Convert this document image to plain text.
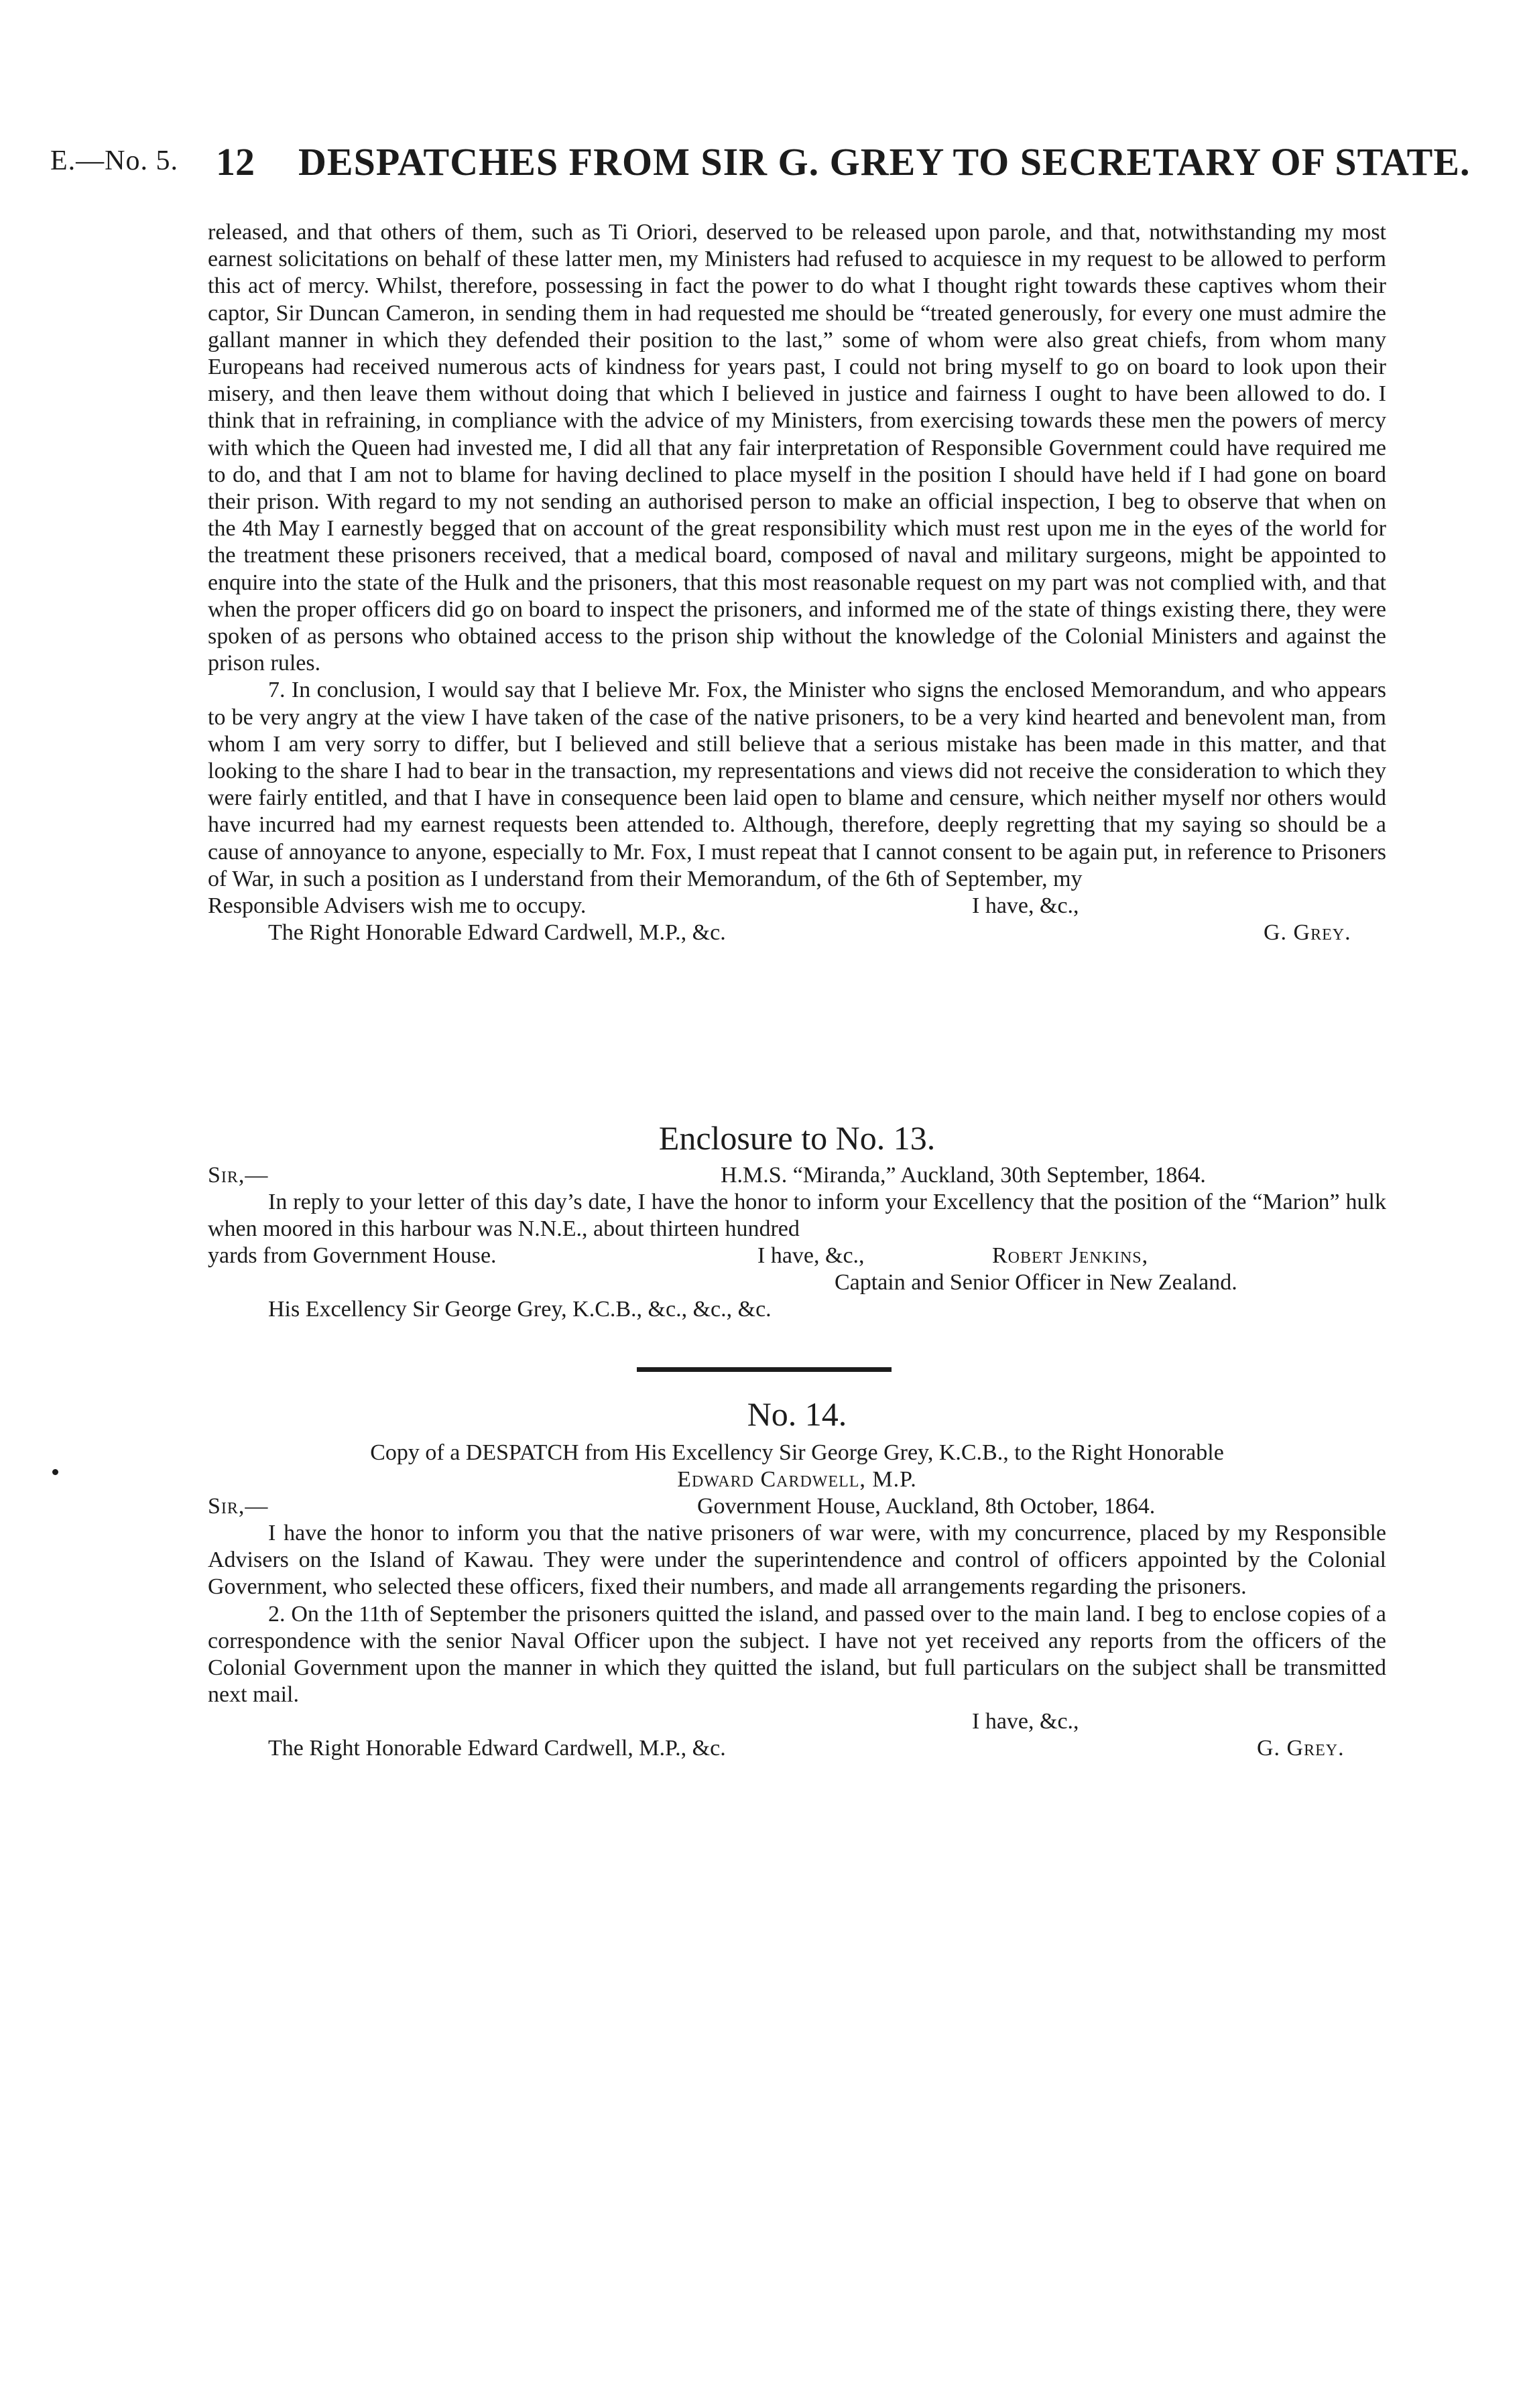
E.—No. 5. 12 DESPATCHES FROM SIR G. GREY TO SECRETARY OF STATE.

released, and that others of them, such as Ti Oriori, deserved to be released upon parole, and that, notwithstanding my most earnest solicitations on behalf of these latter men, my Ministers had refused to acquiesce in my request to be allowed to perform this act of mercy. Whilst, therefore, possessing in fact the power to do what I thought right towards these captives whom their captor, Sir Duncan Cameron, in sending them in had requested me should be “treated generously, for every one must admire the gallant manner in which they defended their position to the last,” some of whom were also great chiefs, from whom many Europeans had received numerous acts of kindness for years past, I could not bring myself to go on board to look upon their misery, and then leave them without doing that which I believed in justice and fairness I ought to have been allowed to do. I think that in refraining, in compliance with the advice of my Ministers, from exercising towards these men the powers of mercy with which the Queen had invested me, I did all that any fair interpretation of Responsible Government could have required me to do, and that I am not to blame for having declined to place myself in the position I should have held if I had gone on board their prison. With regard to my not sending an authorised person to make an official inspection, I beg to observe that when on the 4th May I earnestly begged that on account of the great responsibility which must rest upon me in the eyes of the world for the treatment these prisoners received, that a medical board, composed of naval and military surgeons, might be appointed to enquire into the state of the Hulk and the prisoners, that this most reasonable request on my part was not complied with, and that when the proper officers did go on board to inspect the prisoners, and informed me of the state of things existing there, they were spoken of as persons who obtained access to the prison ship without the knowledge of the Colonial Ministers and against the prison rules.

7. In conclusion, I would say that I believe Mr. Fox, the Minister who signs the enclosed Memorandum, and who appears to be very angry at the view I have taken of the case of the native prisoners, to be a very kind hearted and benevolent man, from whom I am very sorry to differ, but I believed and still believe that a serious mistake has been made in this matter, and that looking to the share I had to bear in the transaction, my representations and views did not receive the consideration to which they were fairly entitled, and that I have in consequence been laid open to blame and censure, which neither myself nor others would have incurred had my earnest requests been attended to. Although, therefore, deeply regretting that my saying so should be a cause of annoyance to anyone, especially to Mr. Fox, I must repeat that I cannot consent to be again put, in reference to Prisoners of War, in such a position as I understand from their Memorandum, of the 6th of September, my

Responsible Advisers wish me to occupy.	I have, &c.,
The Right Honorable Edward Cardwell, M.P., &c.	G. Grey.
Enclosure to No. 13.
Sir,—	H.M.S. “Miranda,” Auckland, 30th September, 1864.

In reply to your letter of this day’s date, I have the honor to inform your Excellency that the position of the “Marion” hulk when moored in this harbour was N.N.E., about thirteen hundred

yards from Government House.	I have, &c.,	Robert Jenkins,
Captain and Senior Officer in New Zealand.
His Excellency Sir George Grey, K.C.B., &c., &c., &c.
No. 14.
Copy of a DESPATCH from His Excellency Sir George Grey, K.C.B., to the Right Honorable
Edward Cardwell, M.P.
Sir,—	Government House, Auckland, 8th October, 1864.

I have the honor to inform you that the native prisoners of war were, with my concurrence, placed by my Responsible Advisers on the Island of Kawau. They were under the superintendence and control of officers appointed by the Colonial Government, who selected these officers, fixed their numbers, and made all arrangements regarding the prisoners.

2. On the 11th of September the prisoners quitted the island, and passed over to the main land. I beg to enclose copies of a correspondence with the senior Naval Officer upon the subject. I have not yet received any reports from the officers of the Colonial Government upon the manner in which they quitted the island, but full particulars on the subject shall be transmitted next mail.

I have, &c.,
The Right Honorable Edward Cardwell, M.P., &c.	G. Grey.
